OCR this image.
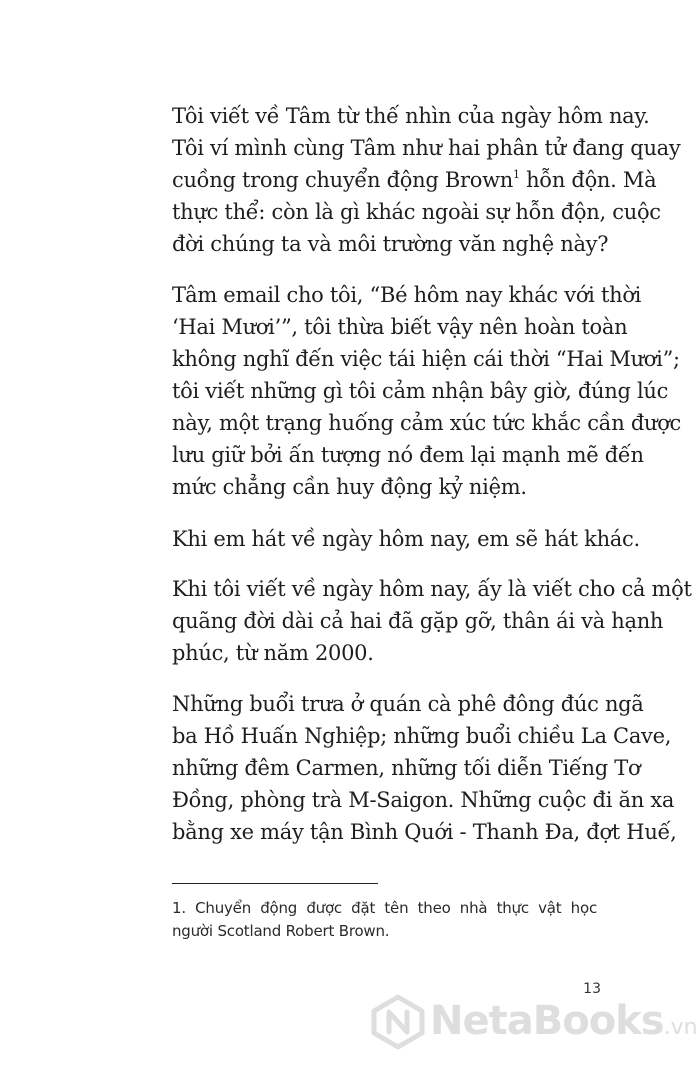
Tôi viết về Tâm từ thế nhìn của ngày hôm nay.
Tôi ví mình cùng Tâm như hai phân tử đang quay
cuồng trong chuyển động Brown$^1$ hỗn độn. Mà
thực thể: còn là gì khác ngoài sự hỗn độn, cuộc
đời chúng ta và môi trường văn nghệ này?
Tâm email cho tôi, “Bé hôm nay khác với thời
‘Hai Mươi’”, tôi thừa biết vậy nên hoàn toàn
không nghĩ đến việc tái hiện cái thời “Hai Mươi”;
tôi viết những gì tôi cảm nhận bây giờ, đúng lúc
này, một trạng huống cảm xúc tức khắc cần được
lưu giữ bởi ấn tượng nó đem lại mạnh mẽ đến
mức chẳng cần huy động kỷ niệm.
Khi em hát về ngày hôm nay, em sẽ hát khác.
Khi tôi viết về ngày hôm nay, ấy là viết cho cả một
quãng đời dài cả hai đã gặp gỡ, thân ái và hạnh
phúc, từ năm 2000.
Những buổi trưa ở quán cà phê đông đúc ngã
ba Hồ Huấn Nghiệp; những buổi chiều La Cave,
những đêm Carmen, những tối diễn Tiếng Tơ
Đồng, phòng trà M-Saigon. Những cuộc đi ăn xa
bằng xe máy tận Bình Quới - Thanh Đa, đợt Huế,
1. Chuyển động được đặt tên theo nhà thực vật học
người Scotland Robert Brown.
13
NetaBooks.vn
